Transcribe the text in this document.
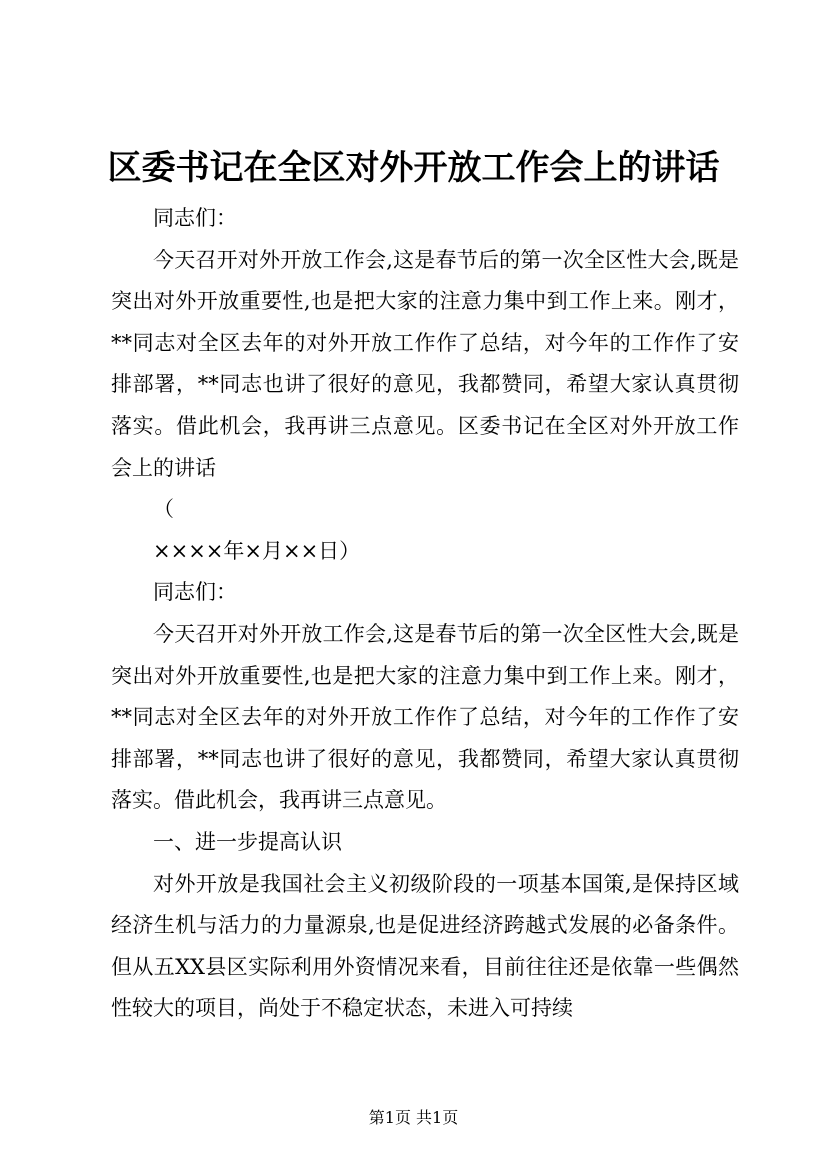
区委书记在全区对外开放工作会上的讲话

同志们：

今天召开对外开放工作会,这是春节后的第一次全区性大会,既是突出对外开放重要性,也是把大家的注意力集中到工作上来。刚才，**同志对全区去年的对外开放工作作了总结，对今年的工作作了安排部署，**同志也讲了很好的意见，我都赞同，希望大家认真贯彻落实。借此机会，我再讲三点意见。区委书记在全区对外开放工作会上的讲话

（

××××年×月××日）

同志们：

今天召开对外开放工作会,这是春节后的第一次全区性大会,既是突出对外开放重要性,也是把大家的注意力集中到工作上来。刚才，**同志对全区去年的对外开放工作作了总结，对今年的工作作了安排部署，**同志也讲了很好的意见，我都赞同，希望大家认真贯彻落实。借此机会，我再讲三点意见。

一、进一步提高认识

对外开放是我国社会主义初级阶段的一项基本国策,是保持区域经济生机与活力的力量源泉,也是促进经济跨越式发展的必备条件。但从五XX县区实际利用外资情况来看，目前往往还是依靠一些偶然性较大的项目，尚处于不稳定状态，未进入可持续

第1页 共1页
